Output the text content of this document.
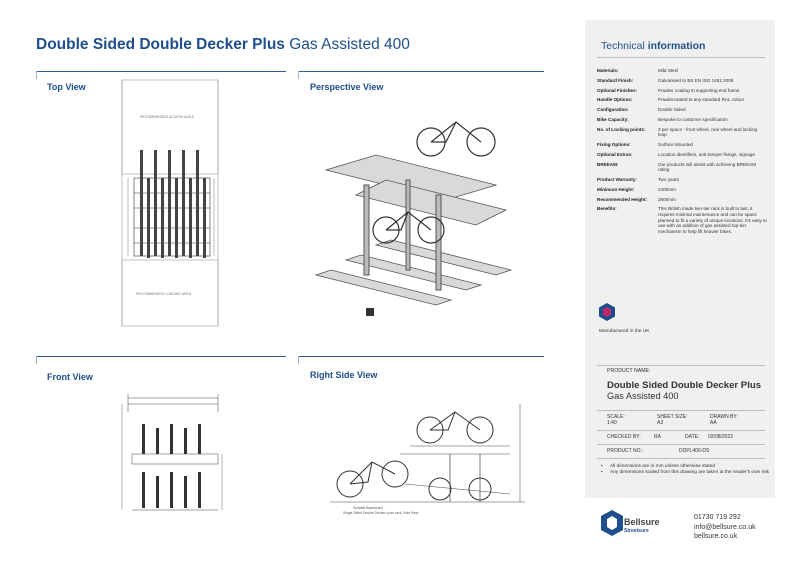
Double Sided Double Decker Plus Gas Assisted 400
Top View	Perspective View
Front View	Right Side View
RECOMMENDED ACCESS AISLE
RECOMMENDED LOADING AREA
Suitable Baseboard
Single Sided Double Decker cycle rack, Side View
Technical information
Materials:	Mild Steel
Standard Finish:	Galvanised to BS EN ISO 1461:2009
Optional Finishes:	Powder coating to supporting end frame
Handle Options:	Powdercoated to any standard RAL colour
Configuration:	Double Sided
Bike Capacity:	Bespoke to customer specification
No. of Locking points:	3 per space - front wheel, rear wheel and locking loop
Fixing Options:	Surface Mounted
Optional Extras:	Location identifiers, anti-tamper fixings, signage
BREEAM:	Our products will assist with achieving BREEAM rating
Product Warranty:	Two years
Minimum Height:	2400mm
Recommended Height:	2800mm
Benefits:	This British made two-tier rack is built to last, it requires minimal maintenance and can be space planned to fit a variety of unique locations. It's easy to use with an addition of gas assisted top-tier mechanism to help lift heavier bikes.
Manufactured in the UK
PRODUCT NAME:
Double Sided Double Decker Plus
Gas Assisted 400
SCALE:
1:40
SHEET SIZE:
A3
DRAWN BY:
AA
CHECKED BY:	RA	DATE: 02/08/2022
PRODUCT NO.:	DDPL400-DS
• All dimensions are in mm unless otherwise stated
• Any dimensions scaled from this drawing are taken at the reader's own risk
Bellsure
Streetsure
01730 719 292
info@bellsure.co.uk
bellsure.co.uk
